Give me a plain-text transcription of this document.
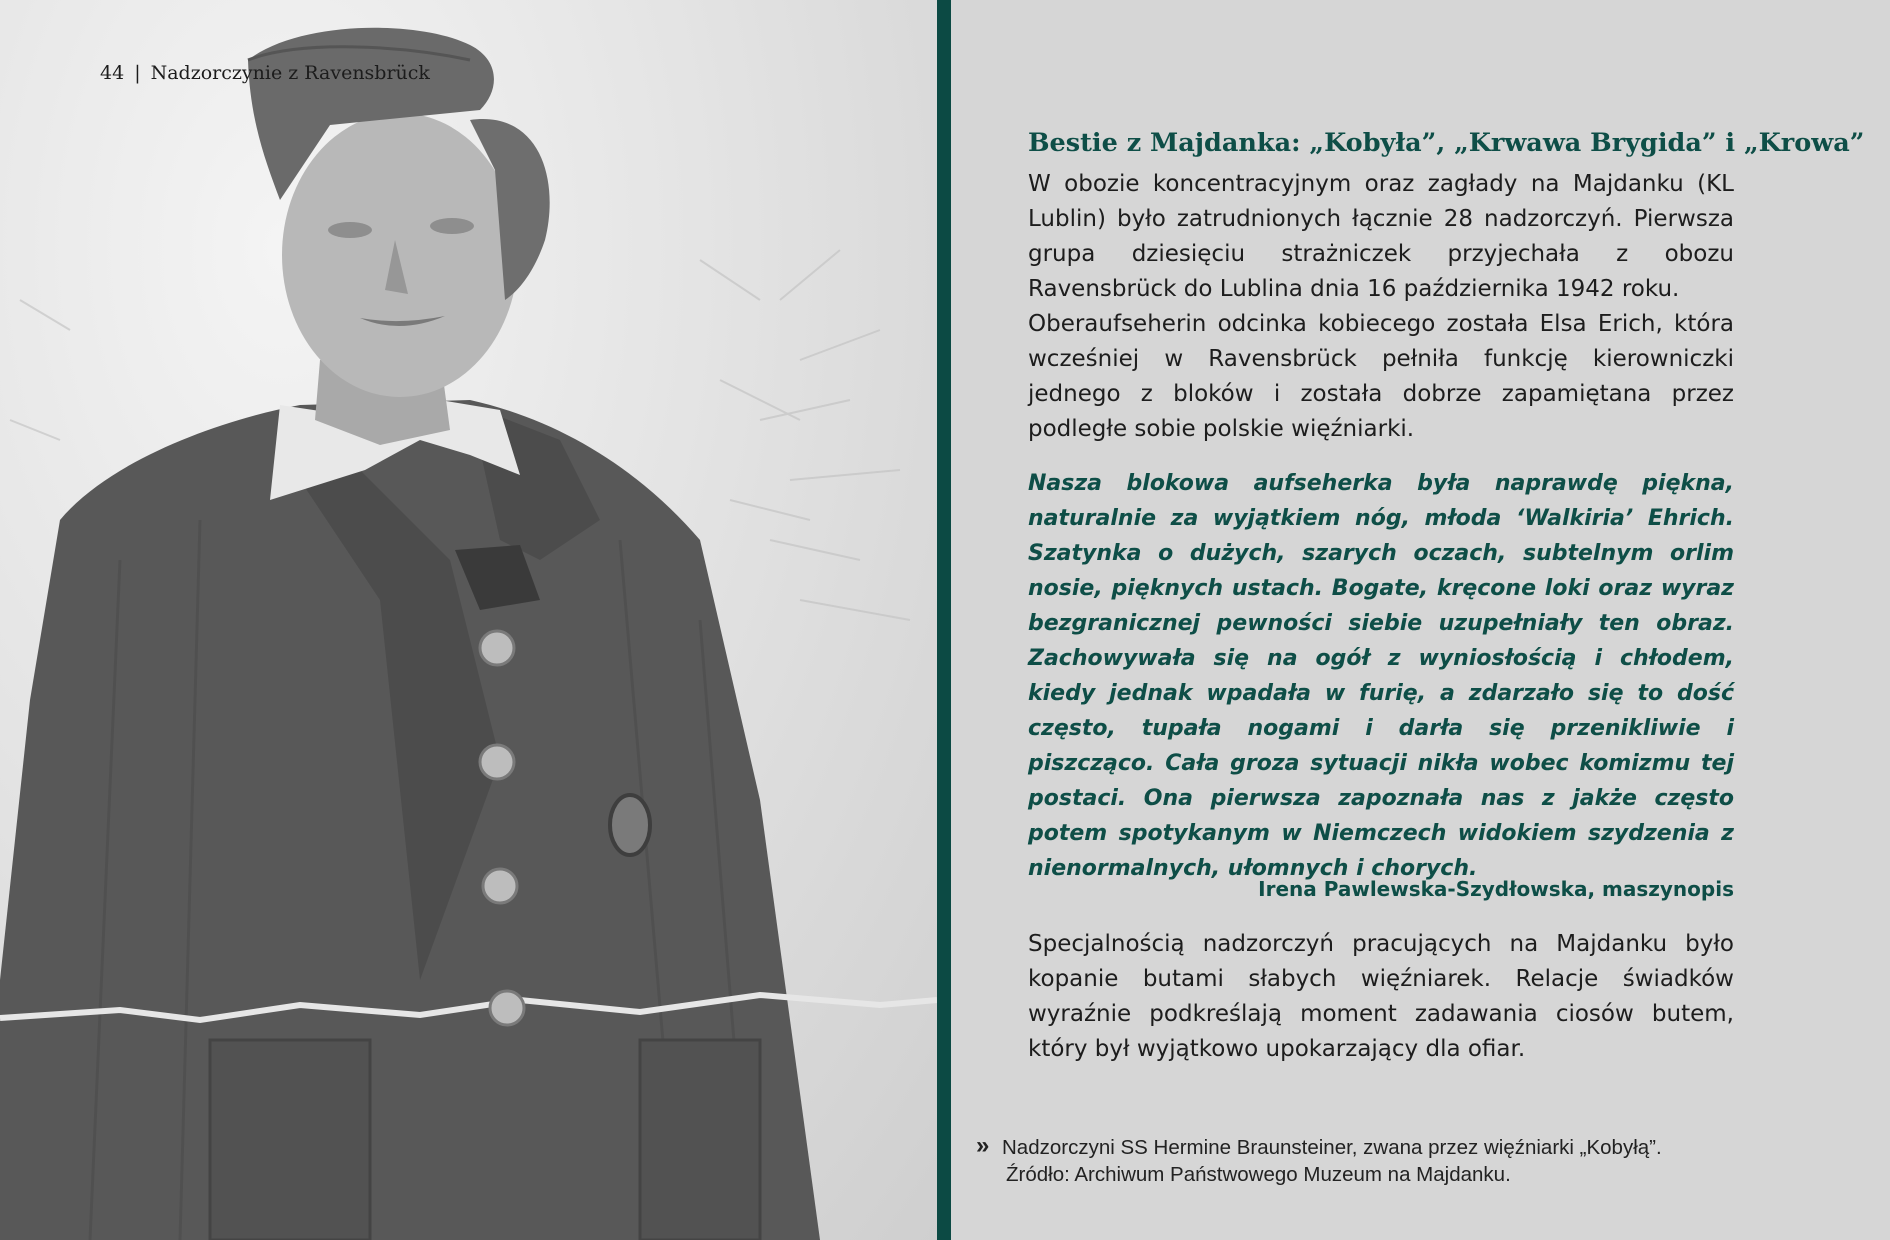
44 | Nadzorczynie z Ravensbrück
Bestie z Majdanka: „Kobyła”, „Krwawa Brygida” i „Krowa”

W obozie koncentracyjnym oraz zagłady na Majdanku (KL Lublin) było zatrudnionych łącznie 28 nadzorczyń. Pierwsza grupa dziesięciu strażniczek przyjechała z obozu Ravensbrück do Lublina dnia 16 października 1942 roku.

Oberaufseherin odcinka kobiecego została Elsa Erich, która wcześniej w Ravensbrück pełniła funkcję kierowniczki jednego z bloków i została dobrze zapamiętana przez podległe sobie polskie więźniarki.

Nasza blokowa aufseherka była naprawdę piękna, naturalnie za wyjątkiem nóg, młoda ‘Walkiria’ Ehrich. Szatynka o dużych, szarych oczach, subtelnym orlim nosie, pięknych ustach. Bogate, kręcone loki oraz wyraz bezgranicznej pewności siebie uzupełniały ten obraz. Zachowywała się na ogół z wyniosłością i chłodem, kiedy jednak wpadała w furię, a zdarzało się to dość często, tupała nogami i darła się przenikliwie i piszcząco. Cała groza sytuacji nikła wobec komizmu tej postaci. Ona pierwsza zapoznała nas z jakże często potem spotykanym w Niemczech widokiem szydzenia z nienormalnych, ułomnych i chorych.

Irena Pawlewska-Szydłowska, maszynopis

Specjalnością nadzorczyń pracujących na Majdanku było kopanie butami słabych więźniarek. Relacje świadków wyraźnie podkreślają moment zadawania ciosów butem, który był wyjątkowo upokarzający dla ofiar.

» Nadzorczyni SS Hermine Braunsteiner, zwana przez więźniarki „Kobyłą”.
Źródło: Archiwum Państwowego Muzeum na Majdanku.
